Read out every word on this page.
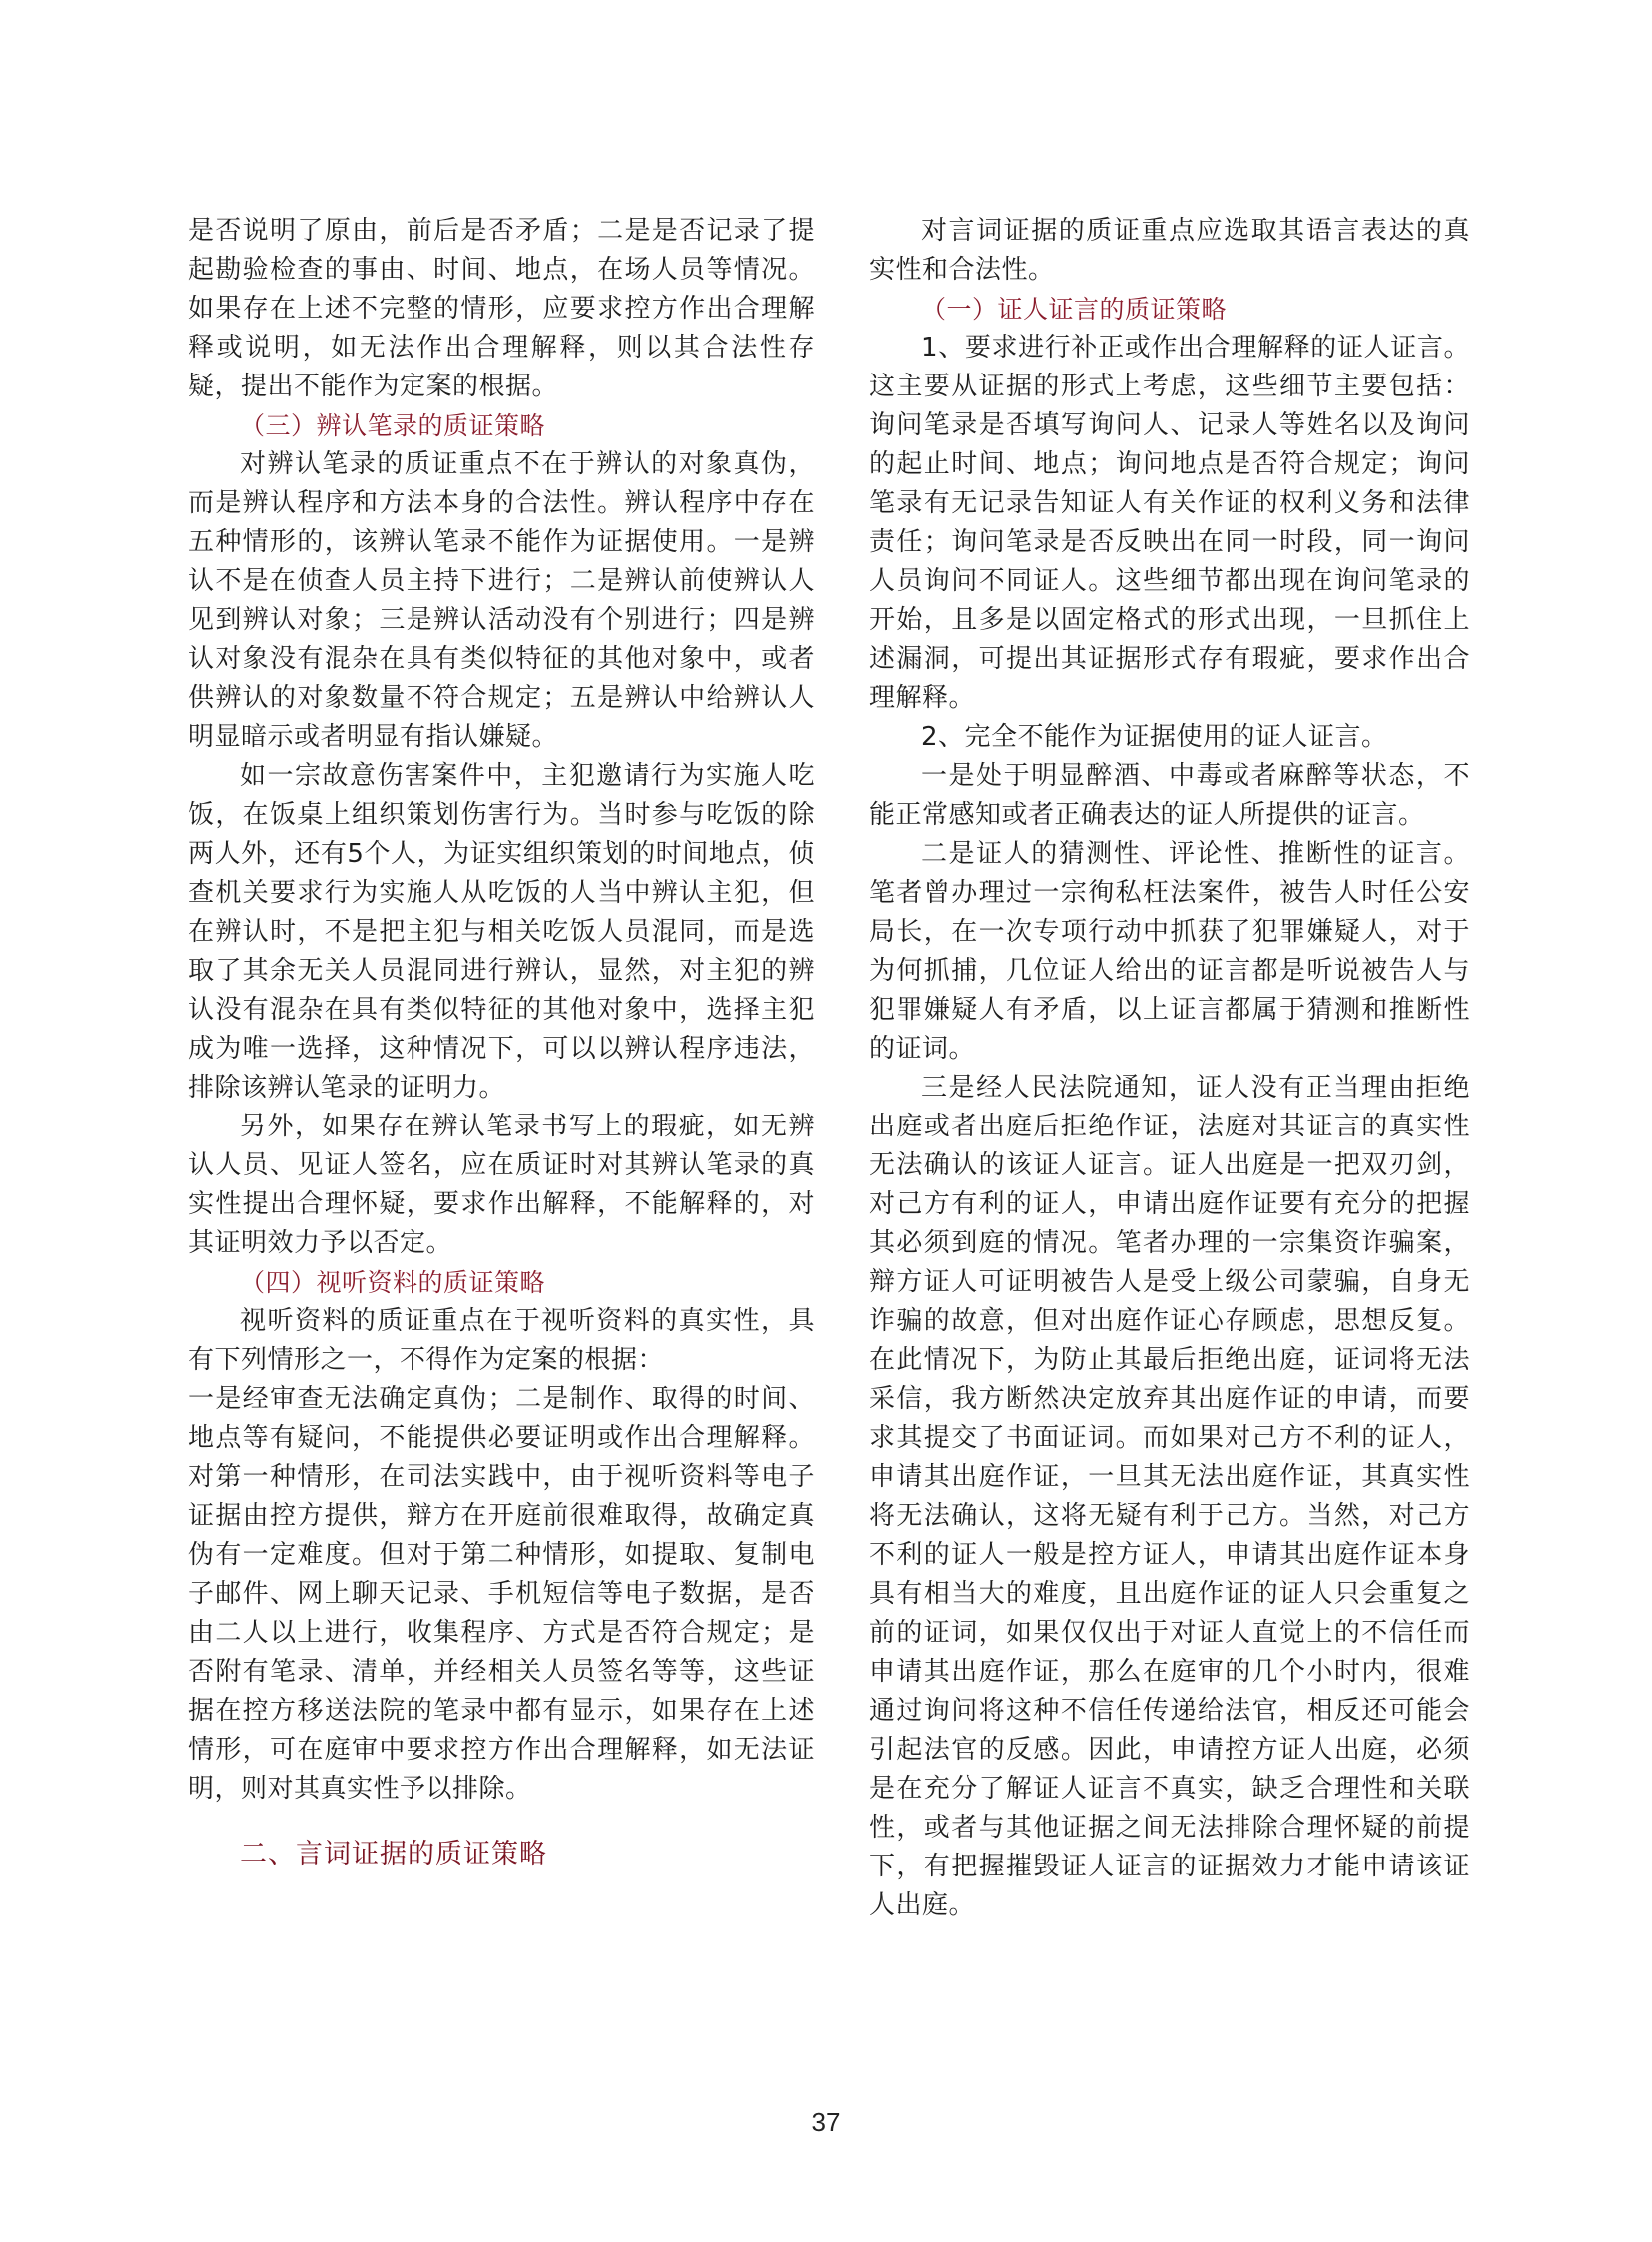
是否说明了原由，前后是否矛盾；二是是否记录了提起勘验检查的事由、时间、地点，在场人员等情况。如果存在上述不完整的情形，应要求控方作出合理解释或说明，如无法作出合理解释，则以其合法性存疑，提出不能作为定案的根据。

（三）辨认笔录的质证策略

对辨认笔录的质证重点不在于辨认的对象真伪，而是辨认程序和方法本身的合法性。辨认程序中存在五种情形的，该辨认笔录不能作为证据使用。一是辨认不是在侦查人员主持下进行；二是辨认前使辨认人见到辨认对象；三是辨认活动没有个别进行；四是辨认对象没有混杂在具有类似特征的其他对象中，或者供辨认的对象数量不符合规定；五是辨认中给辨认人明显暗示或者明显有指认嫌疑。

如一宗故意伤害案件中，主犯邀请行为实施人吃饭，在饭桌上组织策划伤害行为。当时参与吃饭的除两人外，还有5个人，为证实组织策划的时间地点，侦查机关要求行为实施人从吃饭的人当中辨认主犯，但在辨认时，不是把主犯与相关吃饭人员混同，而是选取了其余无关人员混同进行辨认，显然，对主犯的辨认没有混杂在具有类似特征的其他对象中，选择主犯成为唯一选择，这种情况下，可以以辨认程序违法，排除该辨认笔录的证明力。

另外，如果存在辨认笔录书写上的瑕疵，如无辨认人员、见证人签名，应在质证时对其辨认笔录的真实性提出合理怀疑，要求作出解释，不能解释的，对其证明效力予以否定。

（四）视听资料的质证策略

视听资料的质证重点在于视听资料的真实性，具有下列情形之一，不得作为定案的根据：

一是经审查无法确定真伪；二是制作、取得的时间、地点等有疑问，不能提供必要证明或作出合理解释。对第一种情形，在司法实践中，由于视听资料等电子证据由控方提供，辩方在开庭前很难取得，故确定真伪有一定难度。但对于第二种情形，如提取、复制电子邮件、网上聊天记录、手机短信等电子数据，是否由二人以上进行，收集程序、方式是否符合规定；是否附有笔录、清单，并经相关人员签名等等，这些证据在控方移送法院的笔录中都有显示，如果存在上述情形，可在庭审中要求控方作出合理解释，如无法证明，则对其真实性予以排除。

二、言词证据的质证策略

对言词证据的质证重点应选取其语言表达的真实性和合法性。

（一）证人证言的质证策略

1、要求进行补正或作出合理解释的证人证言。这主要从证据的形式上考虑，这些细节主要包括：询问笔录是否填写询问人、记录人等姓名以及询问的起止时间、地点；询问地点是否符合规定；询问笔录有无记录告知证人有关作证的权利义务和法律责任；询问笔录是否反映出在同一时段，同一询问人员询问不同证人。这些细节都出现在询问笔录的开始，且多是以固定格式的形式出现，一旦抓住上述漏洞，可提出其证据形式存有瑕疵，要求作出合理解释。

2、完全不能作为证据使用的证人证言。

一是处于明显醉酒、中毒或者麻醉等状态，不能正常感知或者正确表达的证人所提供的证言。

二是证人的猜测性、评论性、推断性的证言。笔者曾办理过一宗徇私枉法案件，被告人时任公安局长，在一次专项行动中抓获了犯罪嫌疑人，对于为何抓捕，几位证人给出的证言都是听说被告人与犯罪嫌疑人有矛盾，以上证言都属于猜测和推断性的证词。

三是经人民法院通知，证人没有正当理由拒绝出庭或者出庭后拒绝作证，法庭对其证言的真实性无法确认的该证人证言。证人出庭是一把双刃剑，对己方有利的证人，申请出庭作证要有充分的把握其必须到庭的情况。笔者办理的一宗集资诈骗案，辩方证人可证明被告人是受上级公司蒙骗，自身无诈骗的故意，但对出庭作证心存顾虑，思想反复。在此情况下，为防止其最后拒绝出庭，证词将无法采信，我方断然决定放弃其出庭作证的申请，而要求其提交了书面证词。而如果对己方不利的证人，申请其出庭作证，一旦其无法出庭作证，其真实性将无法确认，这将无疑有利于己方。当然，对己方不利的证人一般是控方证人，申请其出庭作证本身具有相当大的难度，且出庭作证的证人只会重复之前的证词，如果仅仅出于对证人直觉上的不信任而申请其出庭作证，那么在庭审的几个小时内，很难通过询问将这种不信任传递给法官，相反还可能会引起法官的反感。因此，申请控方证人出庭，必须是在充分了解证人证言不真实，缺乏合理性和关联性，或者与其他证据之间无法排除合理怀疑的前提下，有把握摧毁证人证言的证据效力才能申请该证人出庭。

37
